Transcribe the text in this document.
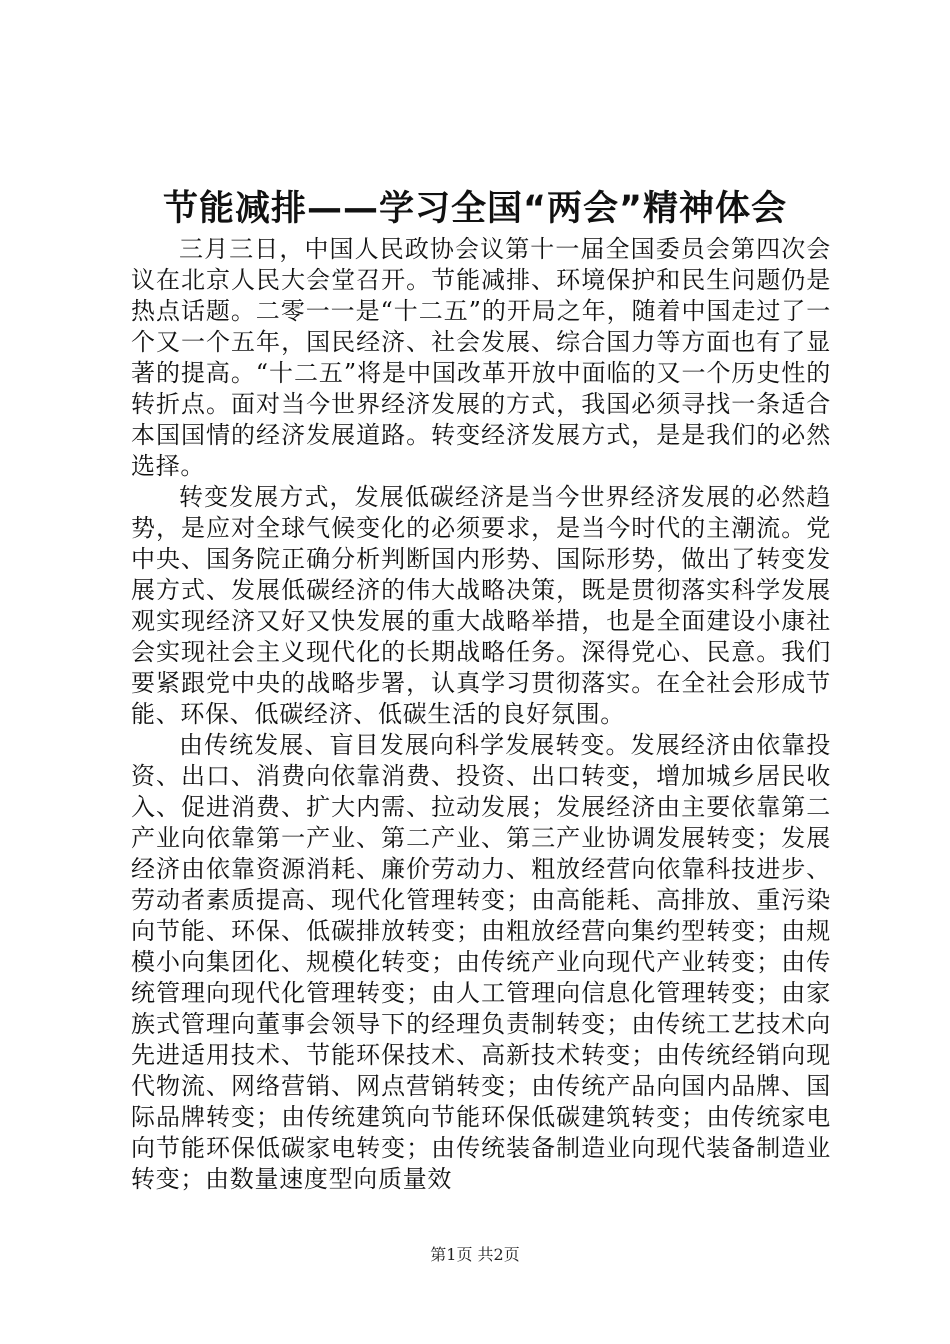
节能减排——学习全国“两会”精神体会

三月三日，中国人民政协会议第十一届全国委员会第四次会议在北京人民大会堂召开。节能减排、环境保护和民生问题仍是热点话题。二零一一是“十二五”的开局之年，随着中国走过了一个又一个五年，国民经济、社会发展、综合国力等方面也有了显著的提高。“十二五”将是中国改革开放中面临的又一个历史性的转折点。面对当今世界经济发展的方式，我国必须寻找一条适合本国国情的经济发展道路。转变经济发展方式，是是我们的必然选择。

转变发展方式，发展低碳经济是当今世界经济发展的必然趋势，是应对全球气候变化的必须要求，是当今时代的主潮流。党中央、国务院正确分析判断国内形势、国际形势，做出了转变发展方式、发展低碳经济的伟大战略决策，既是贯彻落实科学发展观实现经济又好又快发展的重大战略举措，也是全面建设小康社会实现社会主义现代化的长期战略任务。深得党心、民意。我们要紧跟党中央的战略步署，认真学习贯彻落实。在全社会形成节能、环保、低碳经济、低碳生活的良好氛围。

由传统发展、盲目发展向科学发展转变。发展经济由依靠投资、出口、消费向依靠消费、投资、出口转变，增加城乡居民收入、促进消费、扩大内需、拉动发展；发展经济由主要依靠第二产业向依靠第一产业、第二产业、第三产业协调发展转变；发展经济由依靠资源消耗、廉价劳动力、粗放经营向依靠科技进步、劳动者素质提高、现代化管理转变；由高能耗、高排放、重污染向节能、环保、低碳排放转变；由粗放经营向集约型转变；由规模小向集团化、规模化转变；由传统产业向现代产业转变；由传统管理向现代化管理转变；由人工管理向信息化管理转变；由家族式管理向董事会领导下的经理负责制转变；由传统工艺技术向先进适用技术、节能环保技术、高新技术转变；由传统经销向现代物流、网络营销、网点营销转变；由传统产品向国内品牌、国际品牌转变；由传统建筑向节能环保低碳建筑转变；由传统家电向节能环保低碳家电转变；由传统装备制造业向现代装备制造业转变；由数量速度型向质量效

第1页 共2页
